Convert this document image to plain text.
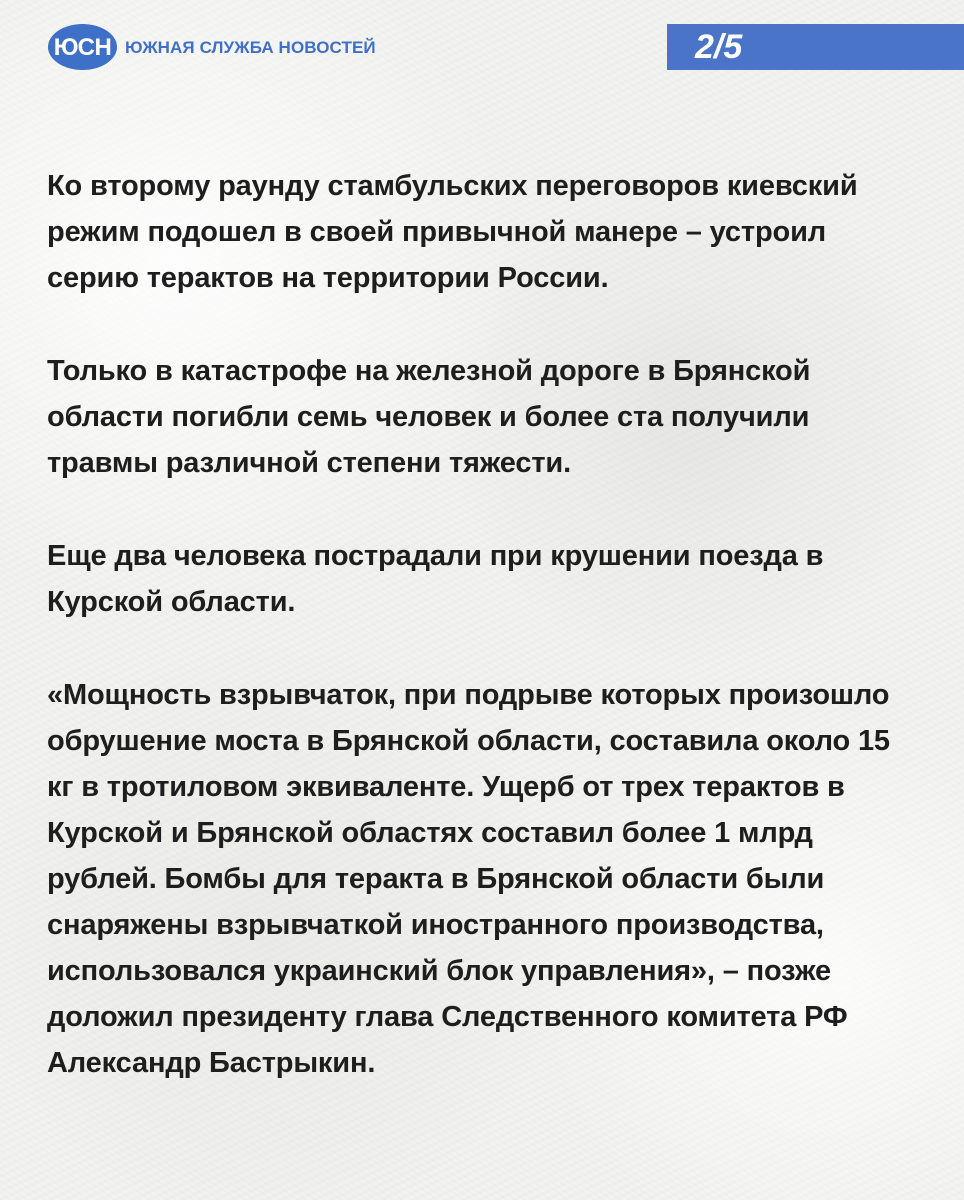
ЮСН ЮЖНАЯ СЛУЖБА НОВОСТЕЙ	2/5

Ко второму раунду стамбульских переговоров киевский режим подошел в своей привычной манере – устроил серию терактов на территории России.

Только в катастрофе на железной дороге в Брянской области погибли семь человек и более ста получили травмы различной степени тяжести.

Еще два человека пострадали при крушении поезда в Курской области.

«Мощность взрывчаток, при подрыве которых произошло обрушение моста в Брянской области, составила около 15 кг в тротиловом эквиваленте. Ущерб от трех терактов в Курской и Брянской областях составил более 1 млрд рублей. Бомбы для теракта в Брянской области были снаряжены взрывчаткой иностранного производства, использовался украинский блок управления», – позже доложил президенту глава Следственного комитета РФ Александр Бастрыкин.
